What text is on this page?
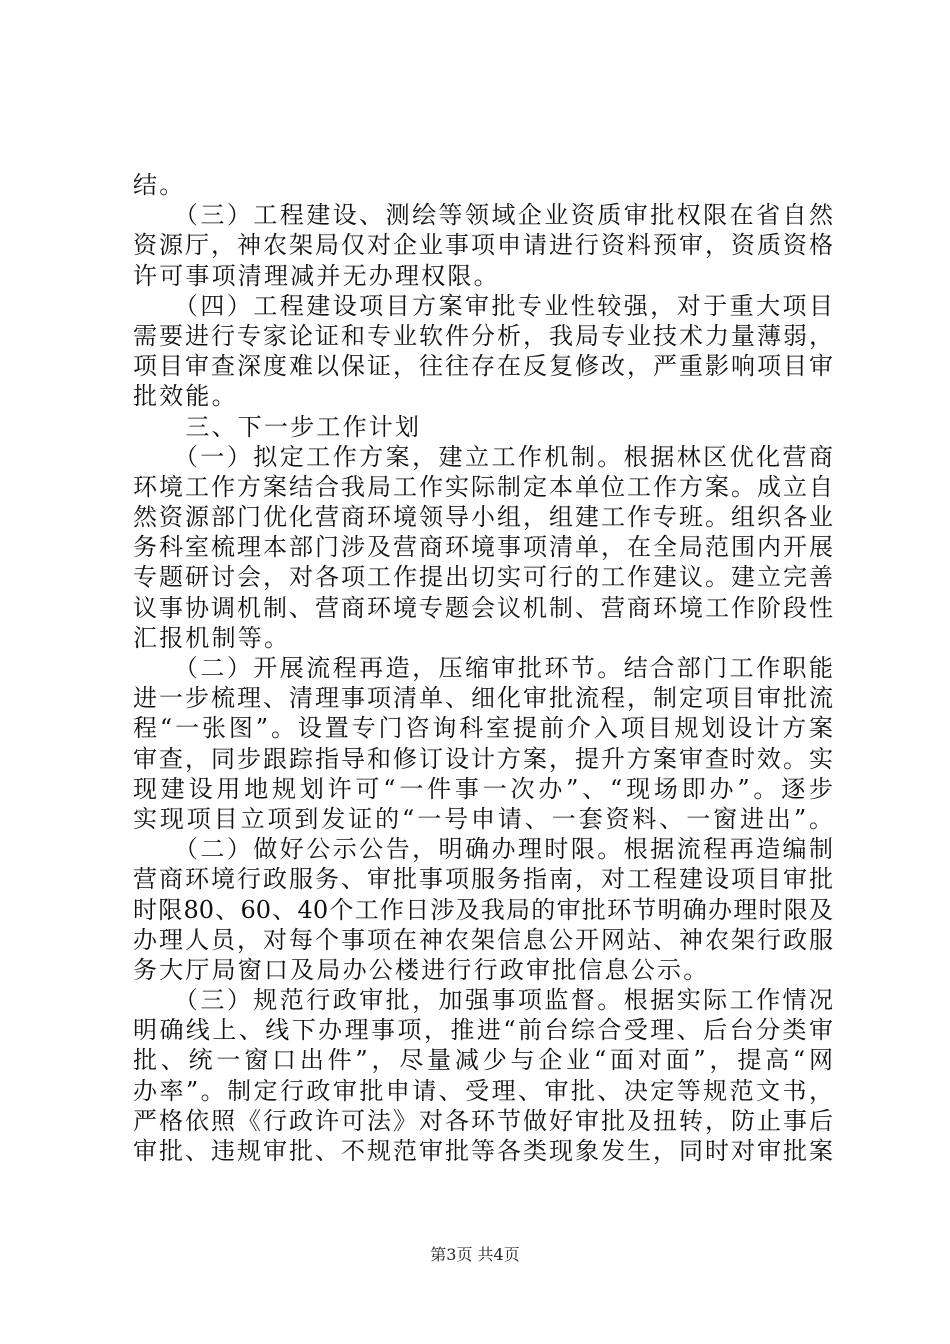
结。
　　（三）工程建设、测绘等领域企业资质审批权限在省自然
资源厅，神农架局仅对企业事项申请进行资料预审，资质资格
许可事项清理减并无办理权限。
　　（四）工程建设项目方案审批专业性较强，对于重大项目
需要进行专家论证和专业软件分析，我局专业技术力量薄弱，
项目审查深度难以保证，往往存在反复修改，严重影响项目审
批效能。
　　三、下一步工作计划
　　（一）拟定工作方案，建立工作机制。根据林区优化营商
环境工作方案结合我局工作实际制定本单位工作方案。成立自
然资源部门优化营商环境领导小组，组建工作专班。组织各业
务科室梳理本部门涉及营商环境事项清单，在全局范围内开展
专题研讨会，对各项工作提出切实可行的工作建议。建立完善
议事协调机制、营商环境专题会议机制、营商环境工作阶段性
汇报机制等。
　　（二）开展流程再造，压缩审批环节。结合部门工作职能
进一步梳理、清理事项清单、细化审批流程，制定项目审批流
程“一张图”。设置专门咨询科室提前介入项目规划设计方案
审查，同步跟踪指导和修订设计方案，提升方案审查时效。实
现建设用地规划许可“一件事一次办”、“现场即办”。逐步
实现项目立项到发证的“一号申请、一套资料、一窗进出”。
　　（二）做好公示公告，明确办理时限。根据流程再造编制
营商环境行政服务、审批事项服务指南，对工程建设项目审批
时限80、60、40个工作日涉及我局的审批环节明确办理时限及
办理人员，对每个事项在神农架信息公开网站、神农架行政服
务大厅局窗口及局办公楼进行行政审批信息公示。
　　（三）规范行政审批，加强事项监督。根据实际工作情况
明确线上、线下办理事项，推进“前台综合受理、后台分类审
批、统一窗口出件”，尽量减少与企业“面对面”，提高“网
办率”。制定行政审批申请、受理、审批、决定等规范文书，
严格依照《行政许可法》对各环节做好审批及扭转，防止事后
审批、违规审批、不规范审批等各类现象发生，同时对审批案
第3页 共4页
